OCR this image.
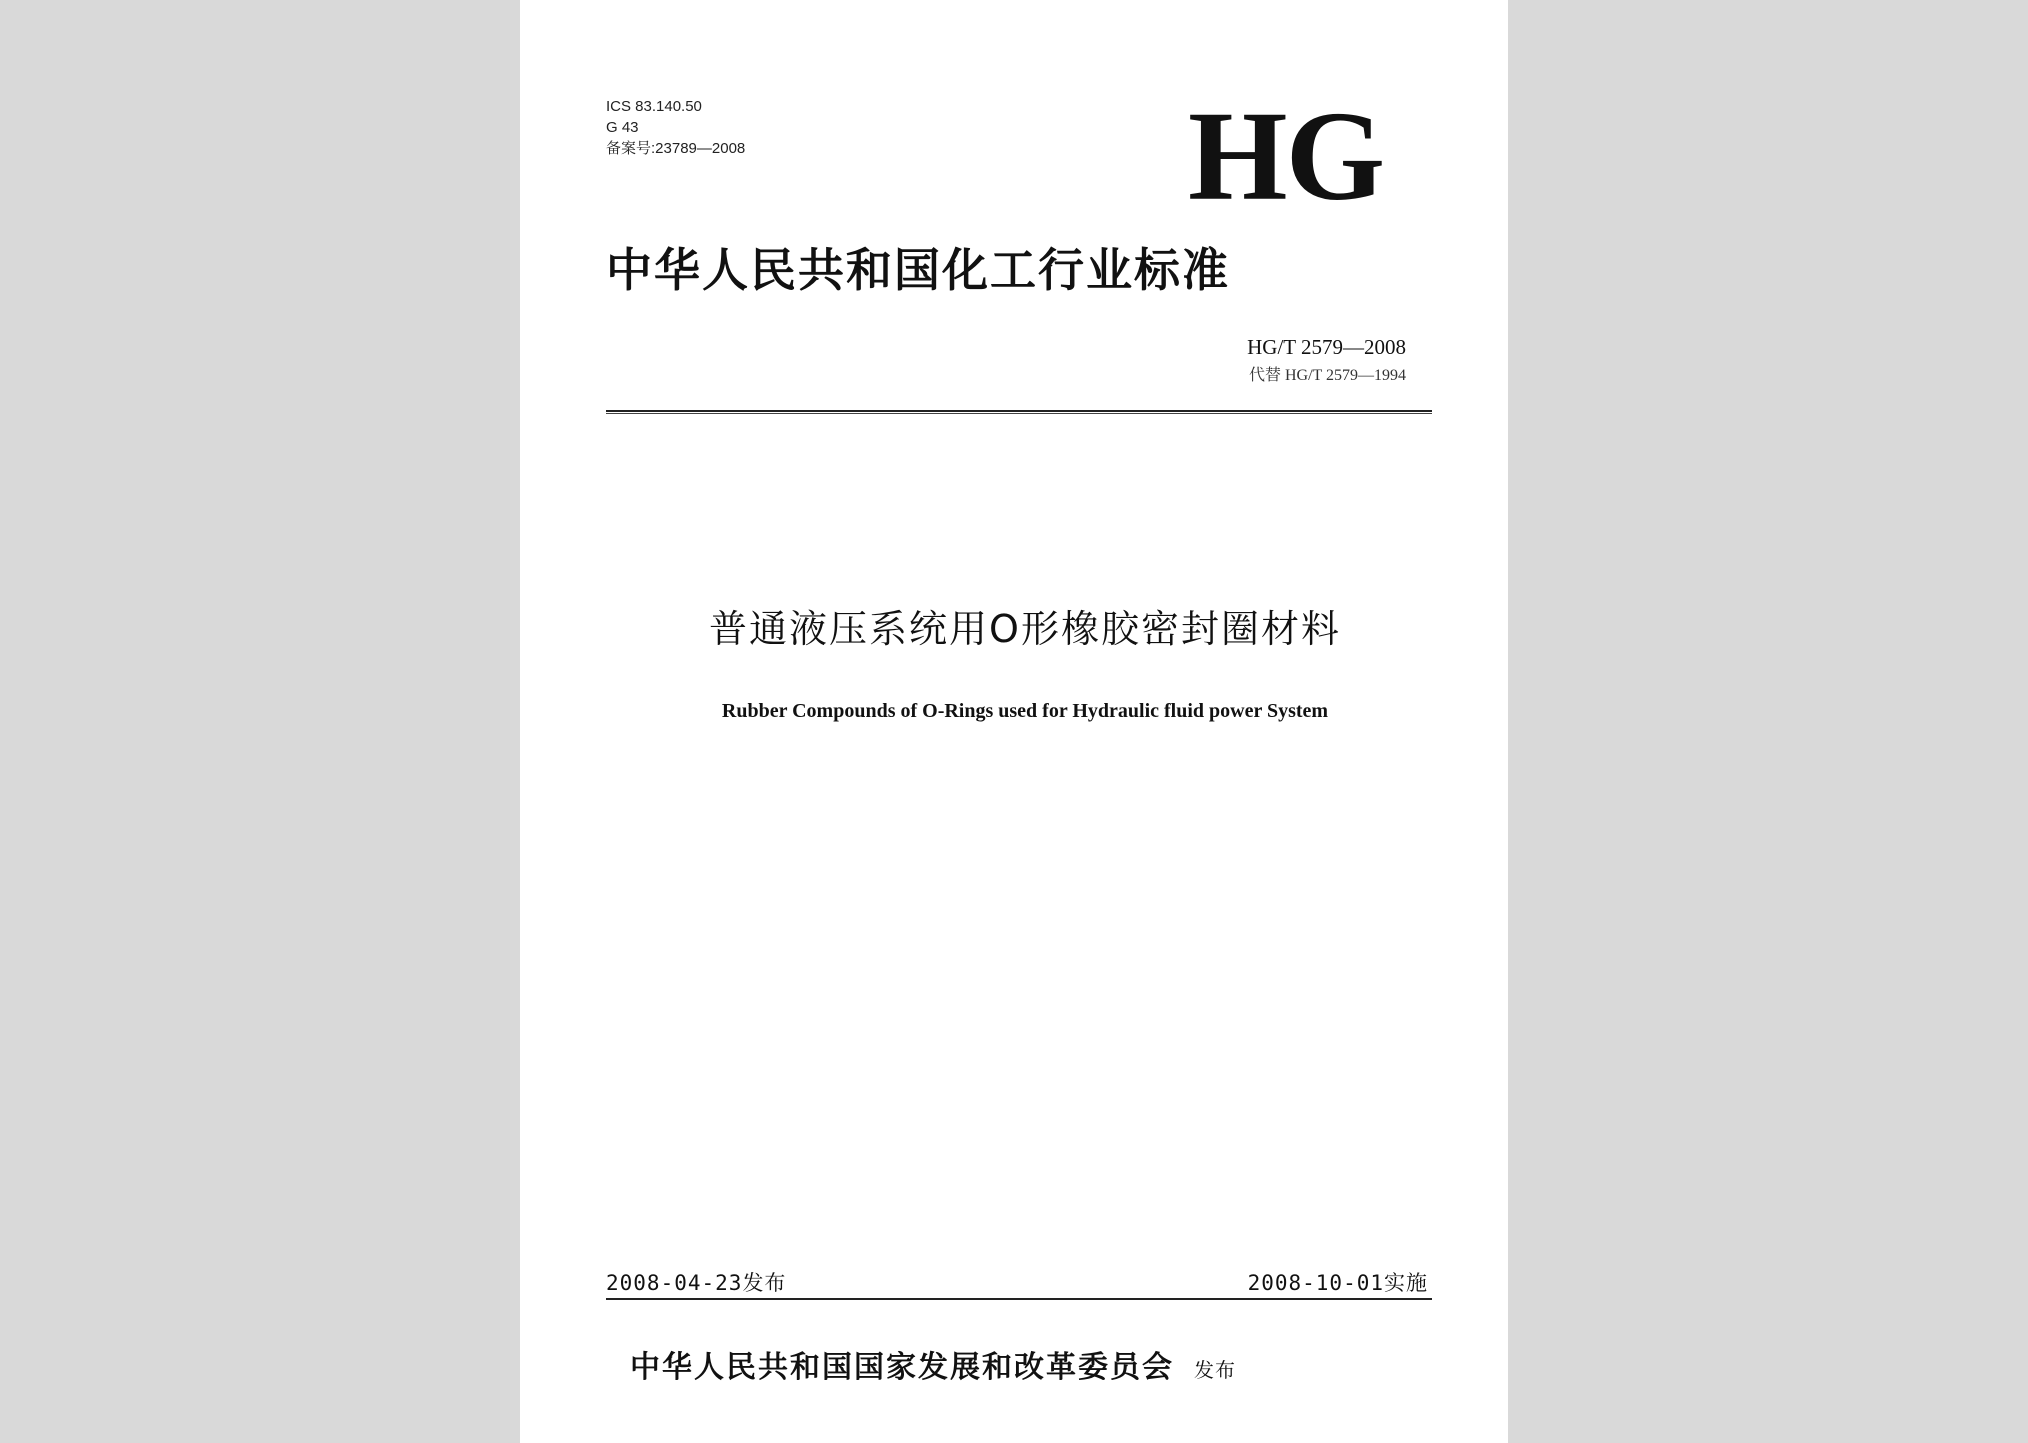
ICS 83.140.50
G 43
备案号:23789—2008	HG
中华人民共和国化工行业标准
HG/T 2579—2008
代替 HG/T 2579—1994
普通液压系统用O形橡胶密封圈材料
Rubber Compounds of O-Rings used for Hydraulic fluid power System
2008-04-23发布	2008-10-01实施
中华人民共和国国家发展和改革委员会 发布
